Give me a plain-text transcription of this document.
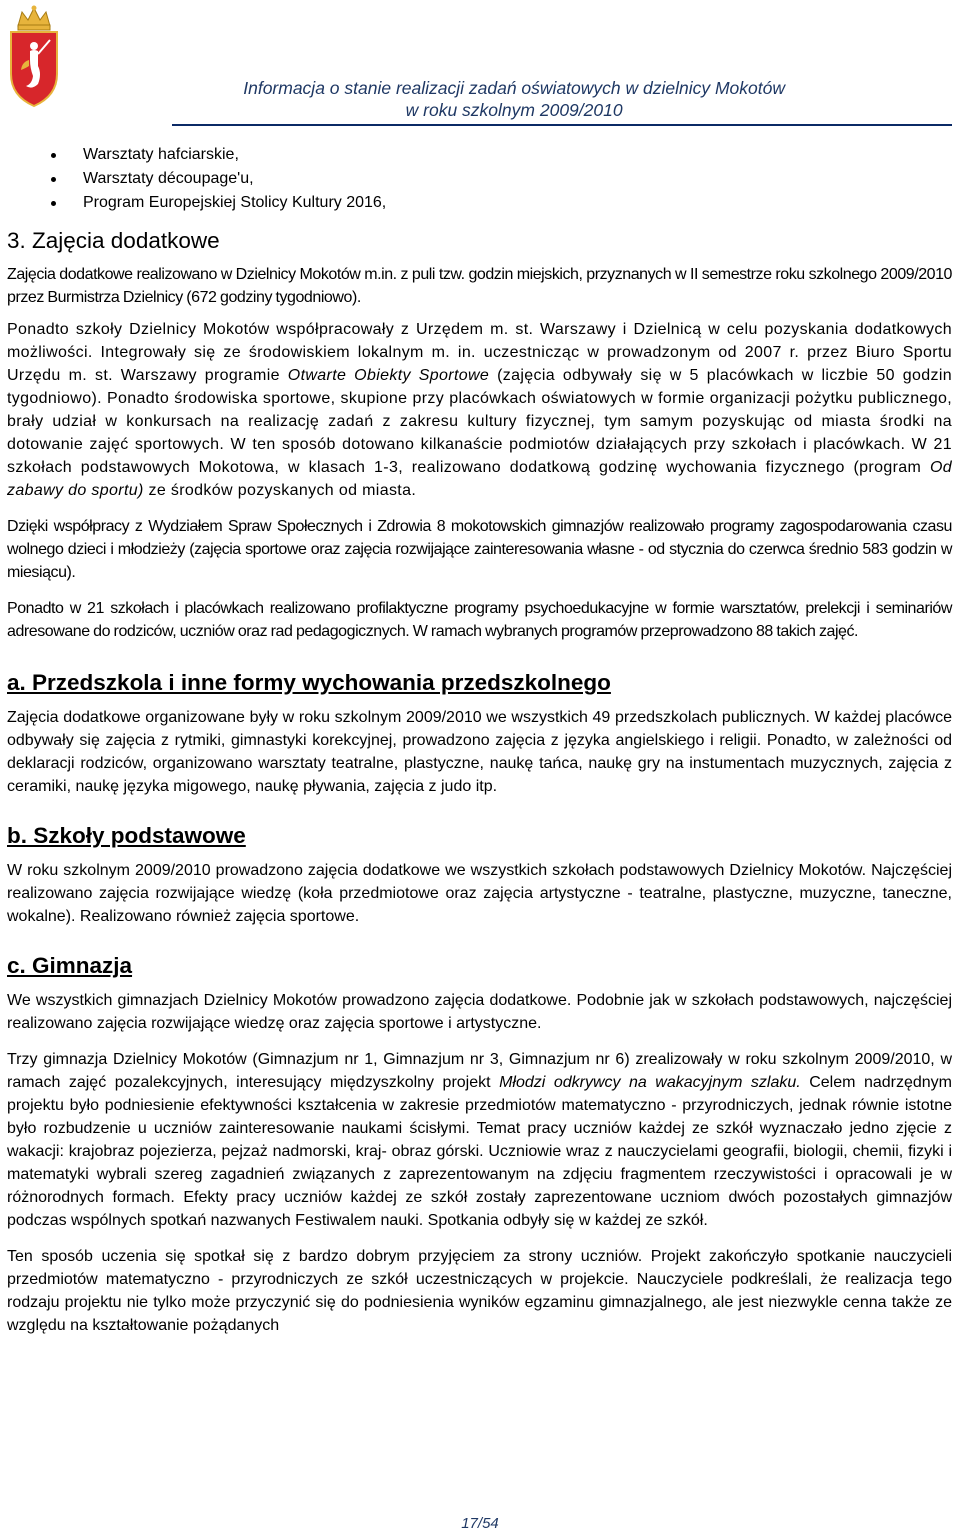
Informacja o stanie realizacji zadań oświatowych w dzielnicy Mokotów
w roku szkolnym 2009/2010
Warsztaty hafciarskie,
Warsztaty découpage'u,
Program Europejskiej Stolicy Kultury 2016,
3. Zajęcia dodatkowe

Zajęcia dodatkowe realizowano w Dzielnicy Mokotów m.in. z puli tzw. godzin miejskich, przyznanych w II semestrze roku szkolnego 2009/2010 przez Burmistrza Dzielnicy (672 godziny tygodniowo).

Ponadto szkoły Dzielnicy Mokotów współpracowały z Urzędem m. st. Warszawy i Dzielnicą w celu pozyskania dodatkowych możliwości. Integrowały się ze środowiskiem lokalnym m. in. uczestnicząc w prowadzonym od 2007 r. przez Biuro Sportu Urzędu m. st. Warszawy programie Otwarte Obiekty Sportowe (zajęcia odbywały się w 5 placówkach w liczbie 50 godzin tygodniowo). Ponadto środowiska sportowe, skupione przy placówkach oświatowych w formie organizacji pożytku publicznego, brały udział w konkursach na realizację zadań z zakresu kultury fizycznej, tym samym pozyskując od miasta środki na dotowanie zajęć sportowych. W ten sposób dotowano kilkanaście podmiotów działających przy szkołach i placówkach. W 21 szkołach podstawowych Mokotowa, w klasach 1-3, realizowano dodatkową godzinę wychowania fizycznego (program Od zabawy do sportu) ze środków pozyskanych od miasta.

Dzięki współpracy z Wydziałem Spraw Społecznych i Zdrowia 8 mokotowskich gimnazjów realizowało programy zagospodarowania czasu wolnego dzieci i młodzieży (zajęcia sportowe oraz zajęcia rozwijające zainteresowania własne - od stycznia do czerwca średnio 583 godzin w miesiącu).

Ponadto w 21 szkołach i placówkach realizowano profilaktyczne programy psychoedukacyjne w formie warsztatów, prelekcji i seminariów adresowane do rodziców, uczniów oraz rad pedagogicznych. W ramach wybranych programów przeprowadzono 88 takich zajęć.

a. Przedszkola i inne formy wychowania przedszkolnego

Zajęcia dodatkowe organizowane były w roku szkolnym 2009/2010 we wszystkich 49 przedszkolach publicznych. W każdej placówce odbywały się zajęcia z rytmiki, gimnastyki korekcyjnej, prowadzono zajęcia z języka angielskiego i religii. Ponadto, w zależności od deklaracji rodziców, organizowano warsztaty teatralne, plastyczne, naukę tańca, naukę gry na instumentach muzycznych, zajęcia z ceramiki, naukę języka migowego, naukę pływania, zajęcia z judo itp.

b. Szkoły podstawowe

W roku szkolnym 2009/2010 prowadzono zajęcia dodatkowe we wszystkich szkołach podstawowych Dzielnicy Mokotów. Najczęściej realizowano zajęcia rozwijające wiedzę (koła przedmiotowe oraz zajęcia artystyczne - teatralne, plastyczne, muzyczne, taneczne, wokalne). Realizowano również zajęcia sportowe.

c. Gimnazja

We wszystkich gimnazjach Dzielnicy Mokotów prowadzono zajęcia dodatkowe. Podobnie jak w szkołach podstawowych, najczęściej realizowano zajęcia rozwijające wiedzę oraz zajęcia sportowe i artystyczne.

Trzy gimnazja Dzielnicy Mokotów (Gimnazjum nr 1, Gimnazjum nr 3, Gimnazjum nr 6) zrealizowały w roku szkolnym 2009/2010, w ramach zajęć pozalekcyjnych, interesujący międzyszkolny projekt Młodzi odkrywcy na wakacyjnym szlaku. Celem nadrzędnym projektu było podniesienie efektywności kształcenia w zakresie przedmiotów matematyczno - przyrodniczych, jednak równie istotne było rozbudzenie u uczniów zainteresowanie naukami ścisłymi. Temat pracy uczniów każdej ze szkół wyznaczało jedno zjęcie z wakacji: krajobraz pojezierza, pejzaż nadmorski, kraj- obraz górski. Uczniowie wraz z nauczycielami geografii, biologii, chemii, fizyki i matematyki wybrali szereg zagadnień związanych z zaprezentowanym na zdjęciu fragmentem rzeczywistości i opracowali je w różnorodnych formach. Efekty pracy uczniów każdej ze szkół zostały zaprezentowane uczniom dwóch pozostałych gimnazjów podczas wspólnych spotkań nazwanych Festiwalem nauki. Spotkania odbyły się w każdej ze szkół.

Ten sposób uczenia się spotkał się z bardzo dobrym przyjęciem za strony uczniów. Projekt zakończyło spotkanie nauczycieli przedmiotów matematyczno - przyrodniczych ze szkół uczestniczących w projekcie. Nauczyciele podkreślali, że realizacja tego rodzaju projektu nie tylko może przyczynić się do podniesienia wyników egzaminu gimnazjalnego, ale jest niezwykle cenna także ze względu na kształtowanie pożądanych

17/54
